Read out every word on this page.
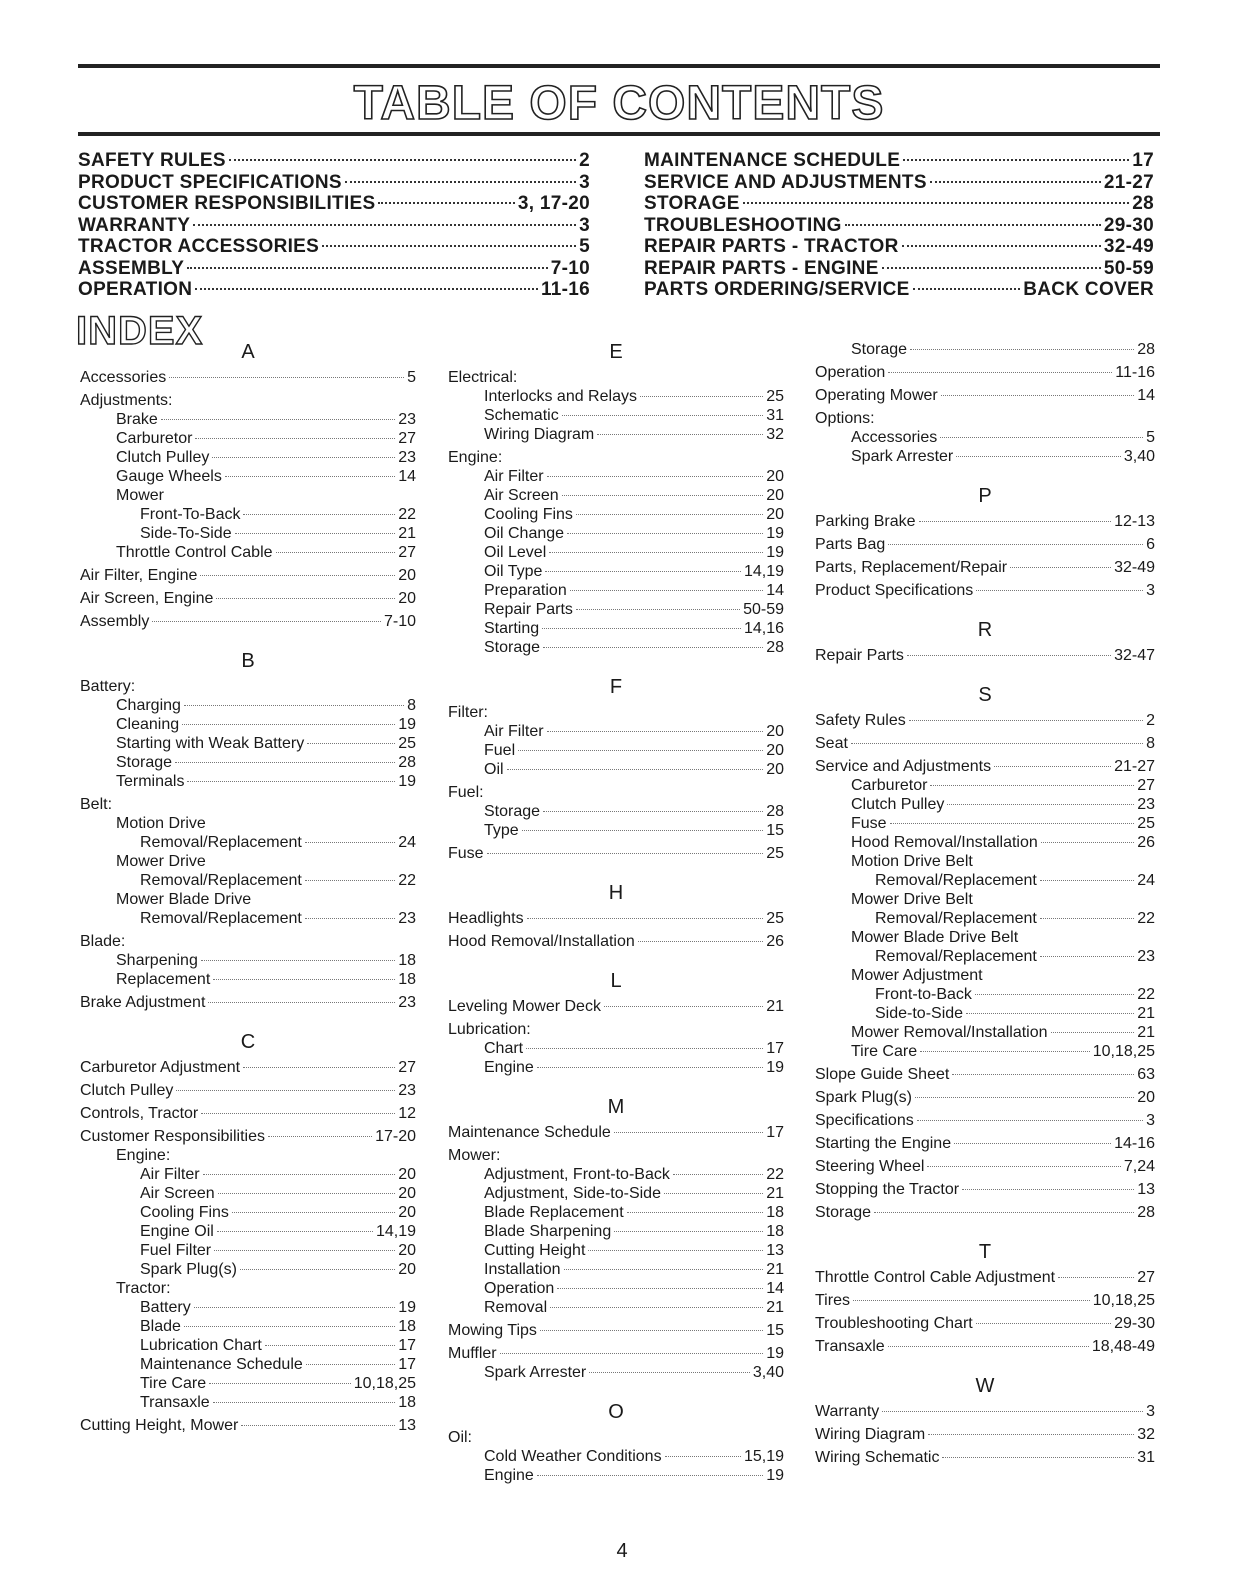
TABLE OF CONTENTS
SAFETY RULES	2
PRODUCT SPECIFICATIONS	3
CUSTOMER RESPONSIBILITIES	3, 17-20
WARRANTY	3
TRACTOR ACCESSORIES	5
ASSEMBLY	7-10
OPERATION	11-16
MAINTENANCE SCHEDULE	17
SERVICE AND ADJUSTMENTS	21-27
STORAGE	28
TROUBLESHOOTING	29-30
REPAIR PARTS - TRACTOR	32-49
REPAIR PARTS - ENGINE	50-59
PARTS ORDERING/SERVICE	BACK COVER
INDEX	A
Accessories	5
Adjustments:
Brake	23
Carburetor	27
Clutch Pulley	23
Gauge Wheels	14
Mower
Front-To-Back	22
Side-To-Side	21
Throttle Control Cable	27
Air Filter, Engine	20
Air Screen, Engine	20
Assembly	7-10
B
Battery:
Charging	8
Cleaning	19
Starting with Weak Battery	25
Storage	28
Terminals	19
Belt:
Motion Drive
Removal/Replacement	24
Mower Drive
Removal/Replacement	22
Mower Blade Drive
Removal/Replacement	23
Blade:
Sharpening	18
Replacement	18
Brake Adjustment	23
C
Carburetor Adjustment	27
Clutch Pulley	23
Controls, Tractor	12
Customer Responsibilities	17-20
Engine:
Air Filter	20
Air Screen	20
Cooling Fins	20
Engine Oil	14,19
Fuel Filter	20
Spark Plug(s)	20
Tractor:
Battery	19
Blade	18
Lubrication Chart	17
Maintenance Schedule	17
Tire Care	10,18,25
Transaxle	18
Cutting Height, Mower	13
E
Electrical:
Interlocks and Relays	25
Schematic	31
Wiring Diagram	32
Engine:
Air Filter	20
Air Screen	20
Cooling Fins	20
Oil Change	19
Oil Level	19
Oil Type	14,19
Preparation	14
Repair Parts	50-59
Starting	14,16
Storage	28
F
Filter:
Air Filter	20
Fuel	20
Oil	20
Fuel:
Storage	28
Type	15
Fuse	25
H
Headlights	25
Hood Removal/Installation	26
L
Leveling Mower Deck	21
Lubrication:
Chart	17
Engine	19
M
Maintenance Schedule	17
Mower:
Adjustment, Front-to-Back	22
Adjustment, Side-to-Side	21
Blade Replacement	18
Blade Sharpening	18
Cutting Height	13
Installation	21
Operation	14
Removal	21
Mowing Tips	15
Muffler	19
Spark Arrester	3,40
O
Oil:
Cold Weather Conditions	15,19
Engine	19
Storage	28
Operation	11-16
Operating Mower	14
Options:
Accessories	5
Spark Arrester	3,40
P
Parking Brake	12-13
Parts Bag	6
Parts, Replacement/Repair	32-49
Product Specifications	3
R
Repair Parts	32-47
S
Safety Rules	2
Seat	8
Service and Adjustments	21-27
Carburetor	27
Clutch Pulley	23
Fuse	25
Hood Removal/Installation	26
Motion Drive Belt
Removal/Replacement	24
Mower Drive Belt
Removal/Replacement	22
Mower Blade Drive Belt
Removal/Replacement	23
Mower Adjustment
Front-to-Back	22
Side-to-Side	21
Mower Removal/Installation	21
Tire Care	10,18,25
Slope Guide Sheet	63
Spark Plug(s)	20
Specifications	3
Starting the Engine	14-16
Steering Wheel	7,24
Stopping the Tractor	13
Storage	28
T
Throttle Control Cable Adjustment	27
Tires	10,18,25
Troubleshooting Chart	29-30
Transaxle	18,48-49
W
Warranty	3
Wiring Diagram	32
Wiring Schematic	31
4
